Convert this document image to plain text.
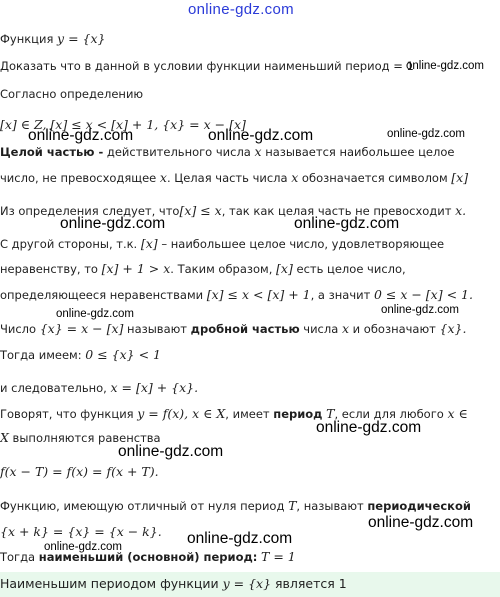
online-gdz.com
Функция y = {x}
Доказать что в данной в условии функции наименьший период = 1
Согласно определению
[x] ∈ Z, [x] ≤ x < [x] + 1, {x} = x − [x]
Целой частью - действительного числа x называется наибольшее целое
число, не превосходящее x. Целая часть числа x обозначается символом [x]
Из определения следует, что[x] ≤ x, так как целая часть не превосходит x.
С другой стороны, т.к. [x] – наибольшее целое число, удовлетворяющее
неравенству, то [x] + 1 > x. Таким образом, [x] есть целое число,
определяющееся неравенствами [x] ≤ x < [x] + 1, а значит 0 ≤ x − [x] < 1.
Число {x} = x − [x] называют дробной частью числа x и обозначают {x}.
Тогда имеем: 0 ≤ {x} < 1
и следовательно, x = [x] + {x}.
Говорят, что функция y = f(x), x ∈ X, имеет период T, если для любого x ∈
X выполняются равенства
f(x − T) = f(x) = f(x + T).
Функцию, имеющую отличный от нуля период T, называют периодической
{x + k} = {x} = {x − k}.
Тогда наименьший (основной) период: T = 1
Наименьшим периодом функции y = {x} является 1
online-gdz.com
online-gdz.com	online-gdz.com	online-gdz.com
online-gdz.com	online-gdz.com
online-gdz.com	online-gdz.com
online-gdz.com
online-gdz.com
online-gdz.com
online-gdz.com
online-gdz.com
